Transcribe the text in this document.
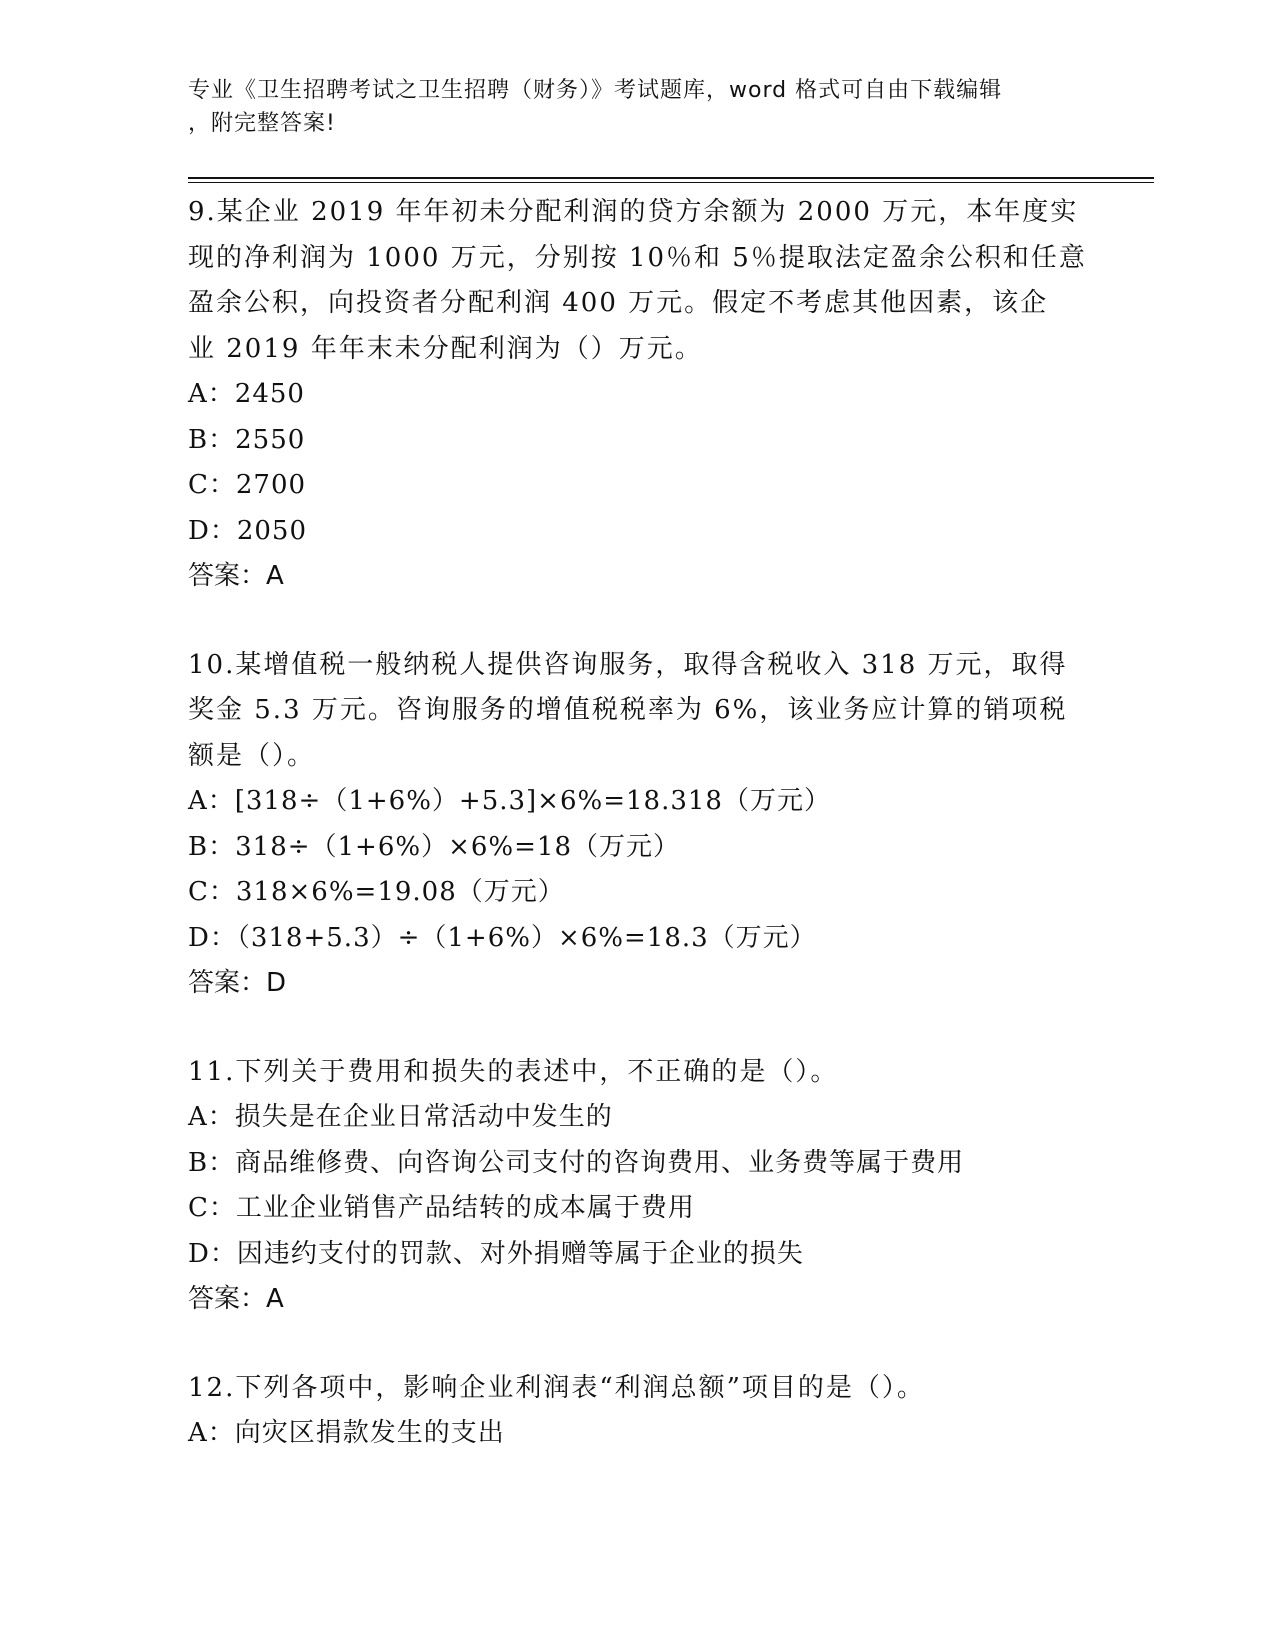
专业《卫生招聘考试之卫生招聘（财务）》考试题库，word 格式可自由下载编辑
，附完整答案!
9.某企业 2019 年年初未分配利润的贷方余额为 2000 万元，本年度实
现的净利润为 1000 万元，分别按 10％和 5％提取法定盈余公积和任意
盈余公积，向投资者分配利润 400 万元。假定不考虑其他因素，该企
业 2019 年年末未分配利润为（）万元。
A：2450
B：2550
C：2700
D：2050
答案：A
10.某增值税一般纳税人提供咨询服务，取得含税收入 318 万元，取得
奖金 5.3 万元。咨询服务的增值税税率为 6%，该业务应计算的销项税
额是（）。
A：[318÷（1+6%）+5.3]×6%=18.318（万元）
B：318÷（1+6%）×6%=18（万元）
C：318×6%=19.08（万元）
D：（318+5.3）÷（1+6%）×6%=18.3（万元）
答案：D
11.下列关于费用和损失的表述中，不正确的是（）。
A：损失是在企业日常活动中发生的
B：商品维修费、向咨询公司支付的咨询费用、业务费等属于费用
C：工业企业销售产品结转的成本属于费用
D：因违约支付的罚款、对外捐赠等属于企业的损失
答案：A
12.下列各项中，影响企业利润表“利润总额”项目的是（）。
A：向灾区捐款发生的支出
